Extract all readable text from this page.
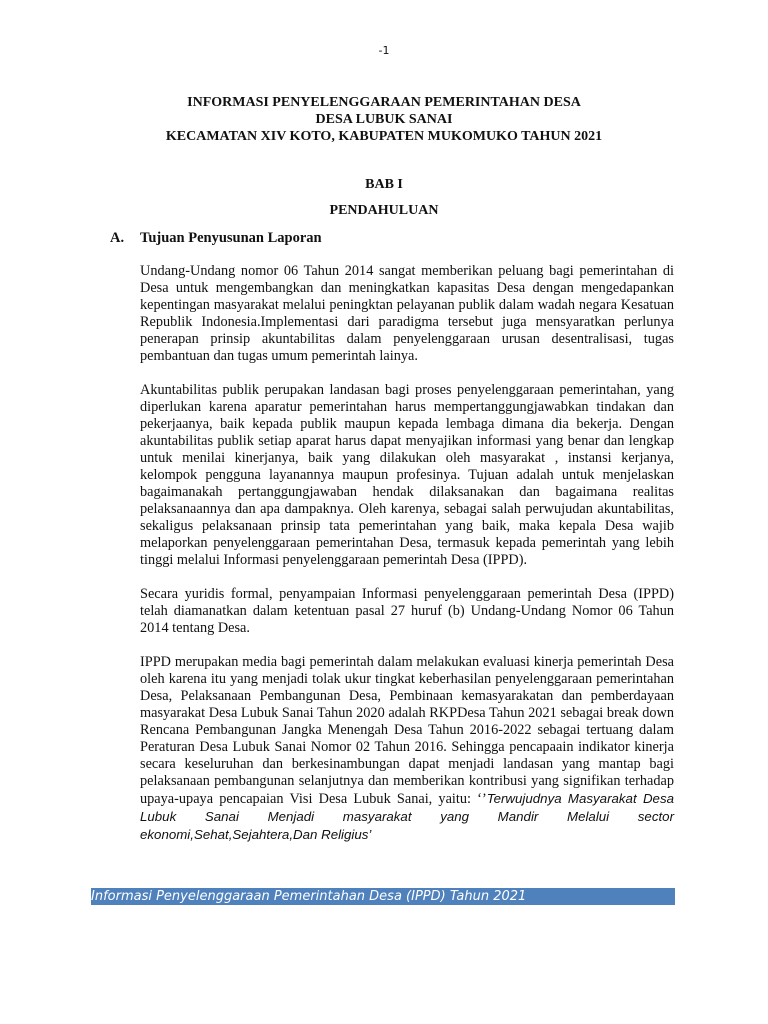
-1
INFORMASI PENYELENGGARAAN PEMERINTAHAN DESA
DESA LUBUK SANAI
KECAMATAN XIV KOTO, KABUPATEN MUKOMUKO TAHUN 2021
BAB I
PENDAHULUAN
A. Tujuan Penyusunan Laporan

Undang-Undang nomor 06 Tahun 2014 sangat memberikan peluang bagi pemerintahan di Desa untuk mengembangkan dan meningkatkan kapasitas Desa dengan mengedapankan kepentingan masyarakat melalui peningktan pelayanan publik dalam wadah negara Kesatuan Republik Indonesia.Implementasi dari paradigma tersebut juga mensyaratkan perlunya penerapan prinsip akuntabilitas dalam penyelenggaraan urusan desentralisasi, tugas pembantuan dan tugas umum pemerintah lainya.

Akuntabilitas publik perupakan landasan bagi proses penyelenggaraan pemerintahan, yang diperlukan karena aparatur pemerintahan harus mempertanggungjawabkan tindakan dan pekerjaanya, baik kepada publik maupun kepada lembaga dimana dia bekerja. Dengan akuntabilitas publik setiap aparat harus dapat menyajikan informasi yang benar dan lengkap untuk menilai kinerjanya, baik yang dilakukan oleh masyarakat , instansi kerjanya, kelompok pengguna layanannya maupun profesinya. Tujuan adalah untuk menjelaskan bagaimanakah pertanggungjawaban hendak dilaksanakan dan bagaimana realitas pelaksanaannya dan apa dampaknya. Oleh karenya, sebagai salah perwujudan akuntabilitas, sekaligus pelaksanaan prinsip tata pemerintahan yang baik, maka kepala Desa wajib melaporkan penyelenggaraan pemerintahan Desa, termasuk kepada pemerintah yang lebih tinggi melalui Informasi penyelenggaraan pemerintah Desa (IPPD).

Secara yuridis formal, penyampaian Informasi penyelenggaraan pemerintah Desa (IPPD) telah diamanatkan dalam ketentuan pasal 27 huruf (b) Undang-Undang Nomor 06 Tahun 2014 tentang Desa.

IPPD merupakan media bagi pemerintah dalam melakukan evaluasi kinerja pemerintah Desa oleh karena itu yang menjadi tolak ukur tingkat keberhasilan penyelenggaraan pemerintahan Desa, Pelaksanaan Pembangunan Desa, Pembinaan kemasyarakatan dan pemberdayaan masyarakat Desa Lubuk Sanai Tahun 2020 adalah RKPDesa Tahun 2021 sebagai break down Rencana Pembangunan Jangka Menengah Desa Tahun 2016-2022 sebagai tertuang dalam Peraturan Desa Lubuk Sanai Nomor 02 Tahun 2016. Sehingga pencapaain indikator kinerja secara keseluruhan dan berkesinambungan dapat menjadi landasan yang mantap bagi pelaksanaan pembangunan selanjutnya dan memberikan kontribusi yang signifikan terhadap upaya-upaya pencapaian Visi Desa Lubuk Sanai, yaitu: ‘’Terwujudnya Masyarakat Desa Lubuk Sanai Menjadi masyarakat yang Mandir Melalui sector ekonomi,Sehat,Sejahtera,Dan Religius’

Informasi Penyelenggaraan Pemerintahan Desa (IPPD) Tahun 2021
